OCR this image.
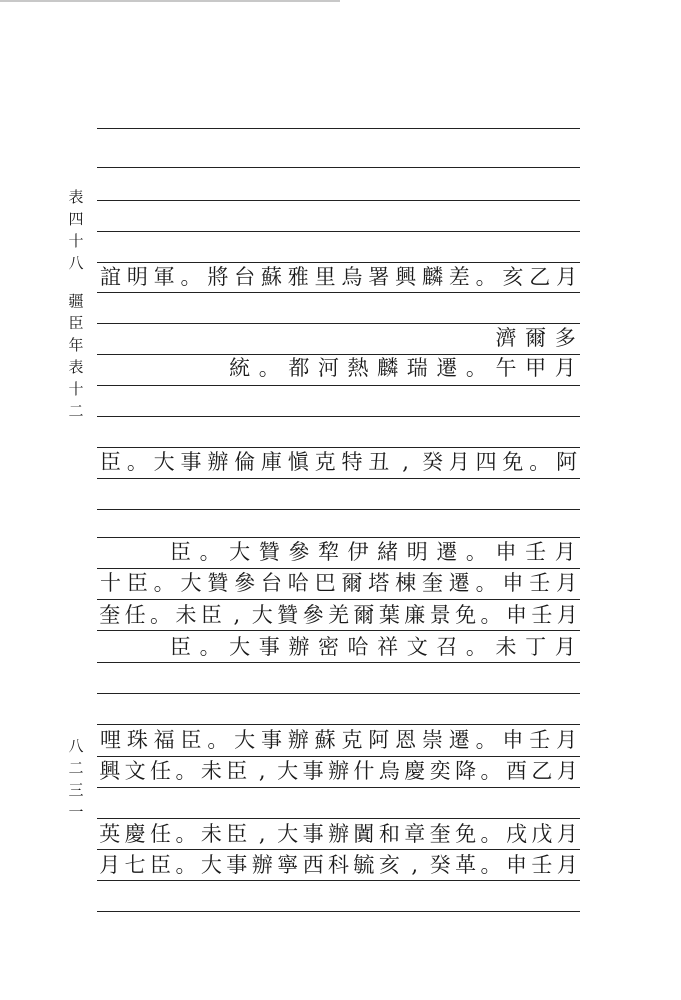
表
四
十
八
疆
臣
年
表
十
二
八
二
三
一
誼 明 軍 。 將 台 蘇 雅 里 烏 署 興 麟 差 。 亥 乙 月
濟 爾 多
統 。 都 河 熱 麟 瑞 遷 。 午 甲 月
臣 。 大 事 辦 倫 庫 愼 克 特 丑 , 癸 月 四 免 。 阿
臣 。 大 贊 參 犂 伊 緒 明 遷 。 申 壬 月
十 臣 。 大 贊 參 台 哈 巴 爾 塔 棟 奎 遷 。 申 壬 月
奎 任 。 未 臣 , 大 贊 參 羌 爾 葉 廉 景 免 。 申 壬 月
臣 。 大 事 辦 密 哈 祥 文 召 。 未 丁 月
哩 珠 福 臣 。 大 事 辦 蘇 克 阿 恩 崇 遷 。 申 壬 月
興 文 任 。 未 臣 , 大 事 辦 什 烏 慶 奕 降 。 酉 乙 月
英 慶 任 。 未 臣 , 大 事 辦 闐 和 章 奎 免 。 戌 戊 月
月 七 臣 。 大 事 辦 寧 西 科 毓 亥 , 癸 革 。 申 壬 月
